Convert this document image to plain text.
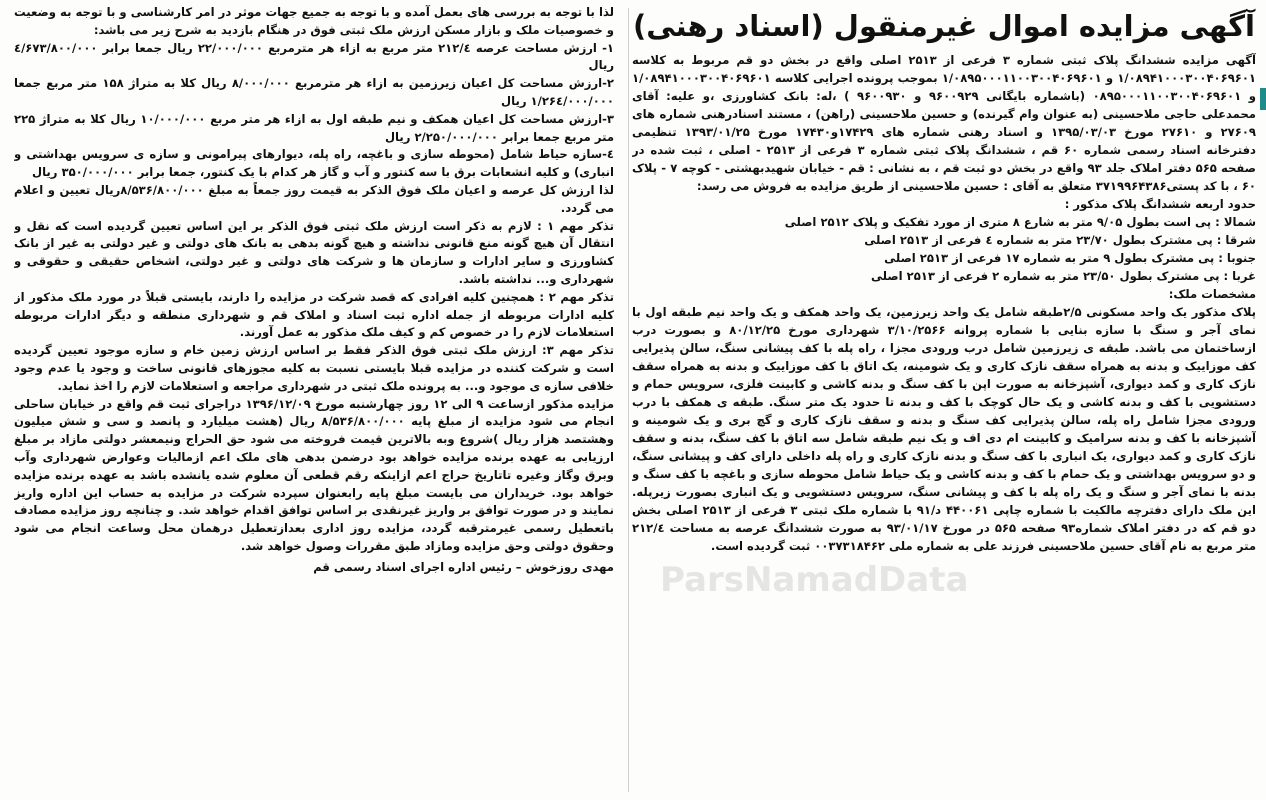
آگهی مزایده اموال غیرمنقول (اسناد رهنی)

آگهی مزایده ششدانگ پلاک ثبتی شماره ۳ فرعی از ۲۵۱۳ اصلی واقع در بخش دو قم مربوط به کلاسه ۱/۰۸۹۴۱۰۰۰۳۰۰۴۰۶۹۶۰۱ و ۱/۰۸۹۵۰۰۰۱۱۰۰۳۰۰۴۰۶۹۶۰۱ بموجب پرونده اجرایی کلاسه ۱/۰۸۹۴۱۰۰۰۳۰۰۴۰۶۹۶۰۱ و ۰۸۹۵۰۰۰۱۱۰۰۳۰۰۴۰۶۹۶۰۱ (باشماره بایگانی ۹۶۰۰۹۲۹ و ۹۶۰۰۹۳۰ ) ،له: بانک کشاورزی ،و علیه: آقای محمدعلی حاجی ملاحسینی (به عنوان وام گیرنده) و حسین ملاحسینی (راهن) ، مستند اسنادرهنی شماره های ۲۷۶۰۹ و ۲۷۶۱۰ مورخ ۱۳۹۵/۰۳/۰۳ و اسناد رهنی شماره های ۱۷۴۲۹و۱۷۴۳۰ مورخ ۱۳۹۳/۰۱/۲۵ تنظیمی دفترخانه اسناد رسمی شماره ۶۰ قم ، ششدانگ پلاک ثبتی شماره ۳ فرعی از ۲۵۱۳ - اصلی ، ثبت شده در صفحه ۵۶۵ دفتر املاک جلد ۹۳ واقع در بخش دو ثبت قم ، به نشانی : قم - خیابان شهیدبهشتی - کوچه ۷ - پلاک ۶۰ ، با کد پستی۳۷۱۹۹۶۴۳۸۶ متعلق به آقای : حسین ملاحسینی از طریق مزایده به فروش می رسد:

حدود اربعه ششدانگ پلاک مذکور :

شمالا : پی است بطول ۹/۰۵ متر به شارع ۸ متری از مورد تفکیک و پلاک ۲۵۱۲ اصلی

شرقا : پی مشترک بطول ۲۳/۷۰ متر به شماره ٤ فرعی از ۲۵۱۳ اصلی

جنوبا : پی مشترک بطول ۹ متر به شماره ۱۷ فرعی از ۲۵۱۳ اصلی

غربا : پی مشترک بطول ۲۳/۵۰ متر به شماره ۲ فرعی از ۲۵۱۳ اصلی

مشخصات ملک:

پلاک مذکور یک واحد مسکونی ۲/۵طبقه شامل یک واحد زیرزمین، یک واحد همکف و یک واحد نیم طبقه اول با نمای آجر و سنگ با سازه بنایی با شماره پروانه ۳/۱۰/۲۵۶۶ شهرداری مورخ ۸۰/۱۲/۲۵ و بصورت درب ازساختمان می باشد. طبقه ی زیرزمین شامل درب ورودی مجزا ، راه پله با کف پیشانی سنگ، سالن پذیرایی کف موزاییک و بدنه به همراه سقف نازک کاری و یک شومینه، یک اتاق با کف موزاییک و بدنه به همراه سقف نازک کاری و کمد دیواری، آشپزخانه به صورت اپن با کف سنگ و بدنه کاشی و کابینت فلزی، سرویس حمام و دستشویی با کف و بدنه کاشی و یک حال کوچک با کف و بدنه تا حدود یک متر سنگ. طبقه ی همکف با درب ورودی مجزا شامل راه پله، سالن پذیرایی کف سنگ و بدنه و سقف نازک کاری و گچ بری و یک شومینه و آشپزخانه با کف و بدنه سرامیک و کابینت ام دی اف و یک نیم طبقه شامل سه اتاق با کف سنگ، بدنه و سقف نازک کاری و کمد دیواری، یک انباری با کف سنگ و بدنه نازک کاری و راه پله داخلی دارای کف و پیشانی سنگ، و دو سرویس بهداشتی و یک حمام با کف و بدنه کاشی و یک حیاط شامل محوطه سازی و باغچه با کف سنگ و بدنه با نمای آجر و سنگ و یک راه پله با کف و پیشانی سنگ، سرویس دستشویی و یک انباری بصورت زیرپله. این ملک دارای دفترچه مالکیت با شماره چاپی ۴۴۰۰۶۱ د/۹۱ با شماره ملک ثبتی ۳ فرعی از ۲۵۱۳ اصلی بخش دو قم که در دفتر املاک شماره۹۳ صفحه ۵۶۵ در مورخ ۹۳/۰۱/۱۷ به صورت ششدانگ عرصه به مساحت ۲۱۲/٤ متر مربع به نام آقای حسین ملاحسینی فرزند علی به شماره ملی ۰۰۳۷۳۱۸۴۶۲ ثبت گردیده است.

لذا با توجه به بررسی های بعمل آمده و با توجه به جمیع جهات موثر در امر کارشناسی و با توجه به وضعیت و خصوصیات ملک و بازار مسکن ارزش ملک ثبتی فوق در هنگام بازدید به شرح زیر می باشد:

۱- ارزش مساحت عرصه ۲۱۲/٤ متر مربع به ازاء هر مترمربع ۲۲/۰۰۰/۰۰۰ ریال جمعا برابر ٤/۶۷۳/۸۰۰/۰۰۰ ریال

۲-ارزش مساحت کل اعیان زیرزمین به ازاء هر مترمربع ۸/۰۰۰/۰۰۰ ریال کلا به متراژ ۱۵۸ متر مربع جمعا ۱/۲۶٤/۰۰۰/۰۰۰ ریال

۳-ارزش مساحت کل اعیان همکف و نیم طبقه اول به ازاء هر متر مربع ۱۰/۰۰۰/۰۰۰ ریال کلا به متراژ ۲۲۵ متر مربع جمعا برابر ۲/۲۵۰/۰۰۰/۰۰۰ ریال

٤-سازه حیاط شامل (محوطه سازی و باغچه، راه پله، دیوارهای پیرامونی و سازه ی سرویس بهداشتی و انباری) و کلیه انشعابات برق با سه کنتور و آب و گاز هر کدام با یک کنتور، جمعا برابر ۳۵۰/۰۰۰/۰۰۰ ریال

لذا ارزش کل عرصه و اعیان ملک فوق الذکر به قیمت روز جمعاً به مبلغ ۸/۵۳۶/۸۰۰/۰۰۰ریال تعیین و اعلام می گردد.

تذکر مهم ۱ : لازم به ذکر است ارزش ملک ثبتی فوق الذکر بر این اساس تعیین گردیده است که نقل و انتقال آن هیچ گونه منع قانونی نداشته و هیچ گونه بدهی به بانک های دولتی و غیر دولتی به غیر از بانک کشاورزی و سایر ادارات و سازمان ها و شرکت های دولتی و غیر دولتی، اشخاص حقیقی و حقوقی و شهرداری و... نداشته باشد.

تذکر مهم ۲ : همچنین کلیه افرادی که قصد شرکت در مزایده را دارند، بایستی قبلاً در مورد ملک مذکور از کلیه ادارات مربوطه از جمله اداره ثبت اسناد و املاک قم و شهرداری منطقه و دیگر ادارات مربوطه استعلامات لازم را در خصوص کم و کیف ملک مذکور به عمل آورند.

تذکر مهم ۳: ارزش ملک ثبتی فوق الذکر فقط بر اساس ارزش زمین خام و سازه موجود تعیین گردیده است و شرکت کننده در مزایده قبلا بایستی نسبت به کلیه مجوزهای قانونی ساخت و وجود یا عدم وجود خلافی سازه ی موجود و... به پرونده ملک ثبتی در شهرداری مراجعه و استعلامات لازم را اخذ نماید.

مزایده مذکور ازساعت ۹ الی ۱۲ روز چهارشنبه مورخ ۱۳۹۶/۱۲/۰۹ دراجرای ثبت قم واقع در خیابان ساحلی انجام می شود مزایده از مبلغ پایه ۸/۵۳۶/۸۰۰/۰۰۰ ریال (هشت میلیارد و پانصد و سی و شش میلیون وهشتصد هزار ریال )شروع وبه بالاترین قیمت فروخته می شود حق الحراج ونیمعشر دولتی مازاد بر مبلغ ارزیابی به عهده برنده مزایده خواهد بود درضمن بدهی های ملک اعم ازمالیات وعوارض شهرداری وآب وبرق وگاز وغیره تاتاریخ حراج اعم ازاینکه رقم قطعی آن معلوم شده یانشده باشد به عهده برنده مزایده خواهد بود. خریداران می بایست مبلغ پایه رابعنوان سپرده شرکت در مزایده به حساب این اداره واریز نمایند و در صورت توافق بر واریز غیرنقدی بر اساس توافق اقدام خواهد شد. و چنانچه روز مزایده مصادف باتعطیل رسمی غیرمترقبه گردد، مزایده روز اداری بعدازتعطیل درهمان محل وساعت انجام می شود وحقوق دولتی وحق مزایده ومازاد طبق مقررات وصول خواهد شد.

مهدی روزخوش – رئیس اداره اجرای اسناد رسمی قم ParsNamadData
